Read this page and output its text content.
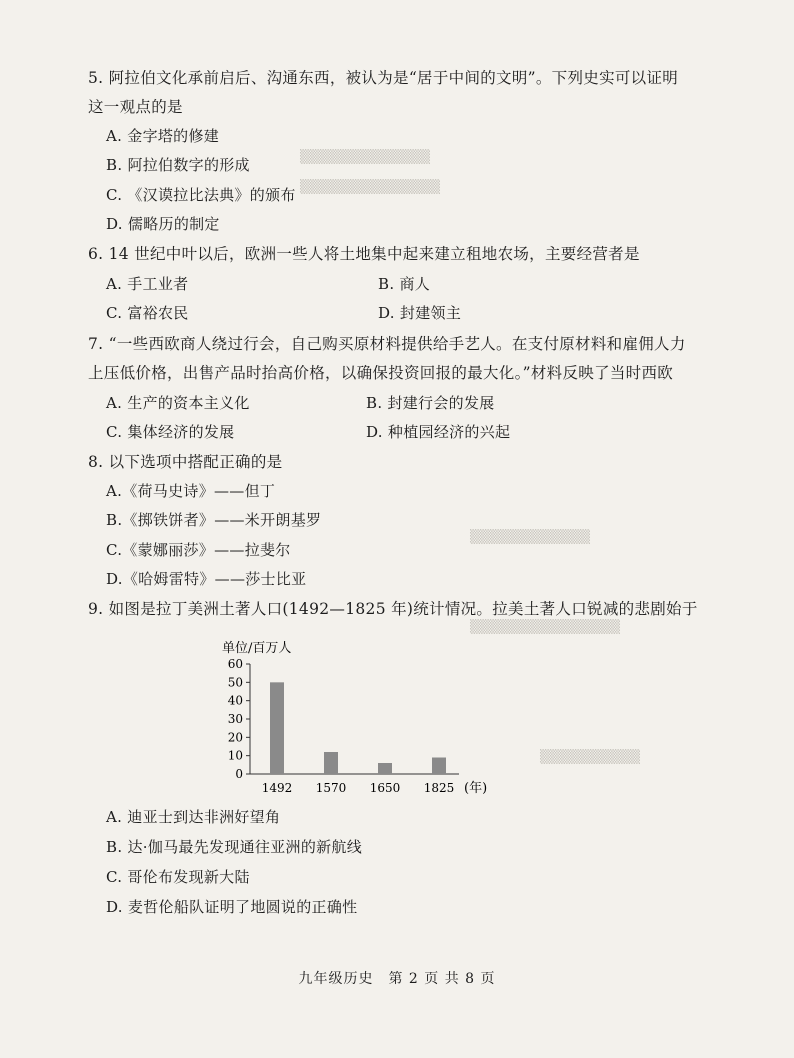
▒▒▒▒▒▒▒▒▒▒▒▒▒
▒▒▒▒▒▒▒▒▒▒▒▒▒▒
▒▒▒▒▒▒▒▒▒▒▒▒
▒▒▒▒▒▒▒▒▒▒▒▒▒▒▒
▒▒▒▒▒▒▒▒▒▒
5. 阿拉伯文化承前启后、沟通东西，被认为是“居于中间的文明”。下列史实可以证明
这一观点的是
A. 金字塔的修建
B. 阿拉伯数字的形成
C. 《汉谟拉比法典》的颁布
D. 儒略历的制定
6. 14 世纪中叶以后，欧洲一些人将土地集中起来建立租地农场，主要经营者是
A. 手工业者	B. 商人
C. 富裕农民	D. 封建领主
7. “一些西欧商人绕过行会，自己购买原材料提供给手艺人。在支付原材料和雇佣人力
上压低价格，出售产品时抬高价格，以确保投资回报的最大化。”材料反映了当时西欧
A. 生产的资本主义化	B. 封建行会的发展
C. 集体经济的发展	D. 种植园经济的兴起
8. 以下选项中搭配正确的是
A.《荷马史诗》——但丁
B.《掷铁饼者》——米开朗基罗
C.《蒙娜丽莎》——拉斐尔
D.《哈姆雷特》——莎士比亚
9. 如图是拉丁美洲土著人口(1492—1825 年)统计情况。拉美土著人口锐减的悲剧始于
单位/百万人
0
10
20
30
40
50
60
1492 1570 1650 1825 (年)
A. 迪亚士到达非洲好望角
B. 达·伽马最先发现通往亚洲的新航线
C. 哥伦布发现新大陆
D. 麦哲伦船队证明了地圆说的正确性
九年级历史　第 2 页 共 8 页
